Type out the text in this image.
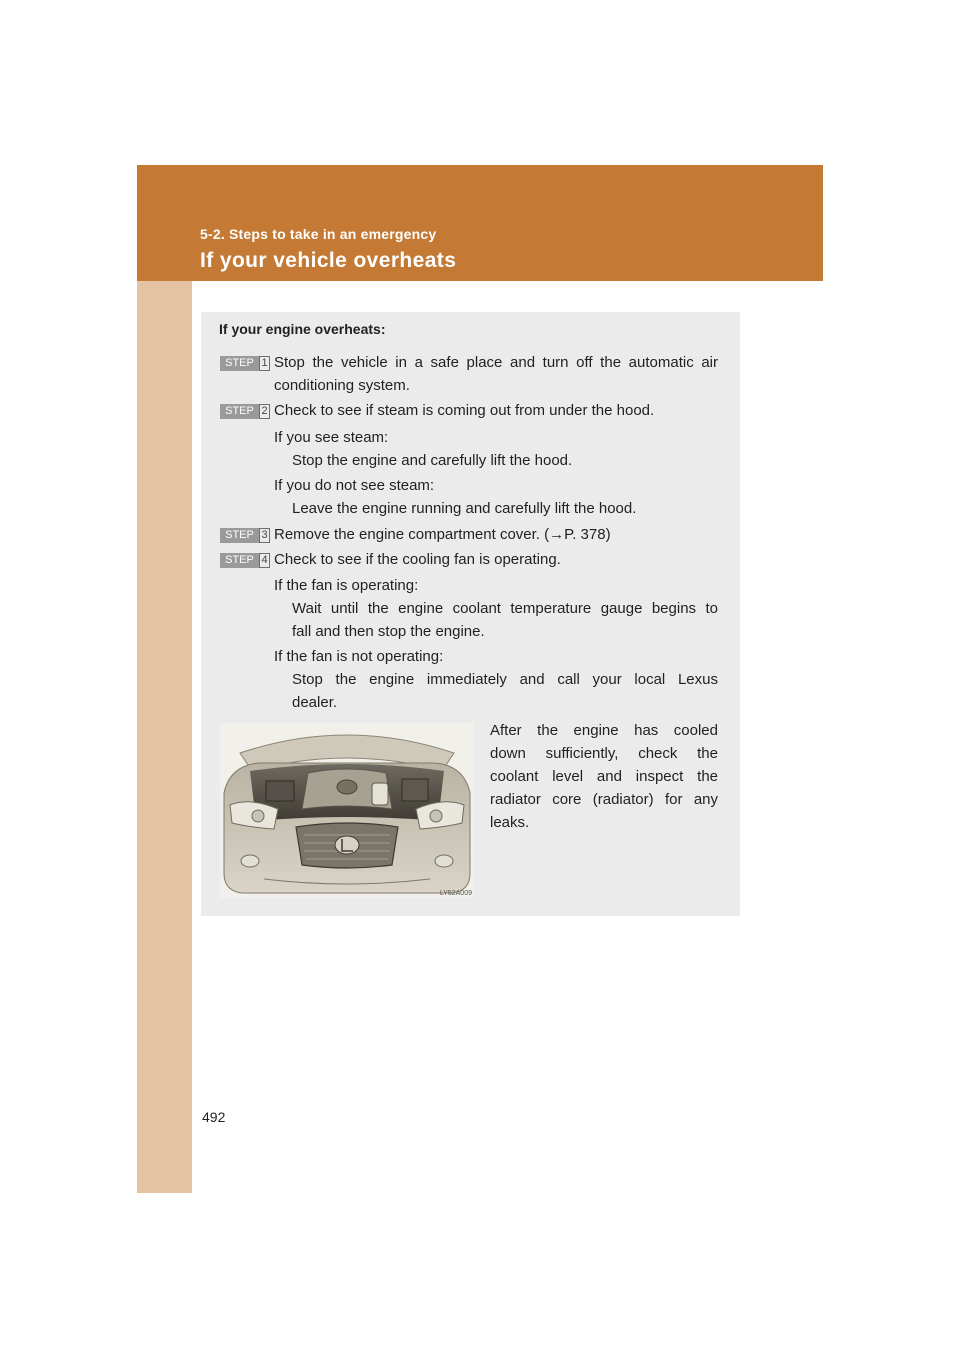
5-2. Steps to take in an emergency
If your vehicle overheats
If your engine overheats:
STEP 1 Stop the vehicle in a safe place and turn off the automatic air
conditioning system.
STEP 2 Check to see if steam is coming out from under the hood.
If you see steam:
Stop the engine and carefully lift the hood.
If you do not see steam:
Leave the engine running and carefully lift the hood.
STEP 3 Remove the engine compartment cover. (→P. 378)
STEP 4 Check to see if the cooling fan is operating.
If the fan is operating:
Wait until the engine coolant temperature gauge begins to
fall and then stop the engine.
If the fan is not operating:
Stop the engine immediately and call your local Lexus
dealer.
After the engine has cooled
down sufficiently, check the
coolant level and inspect the
radiator core (radiator) for any
leaks.
LY52A009
492
